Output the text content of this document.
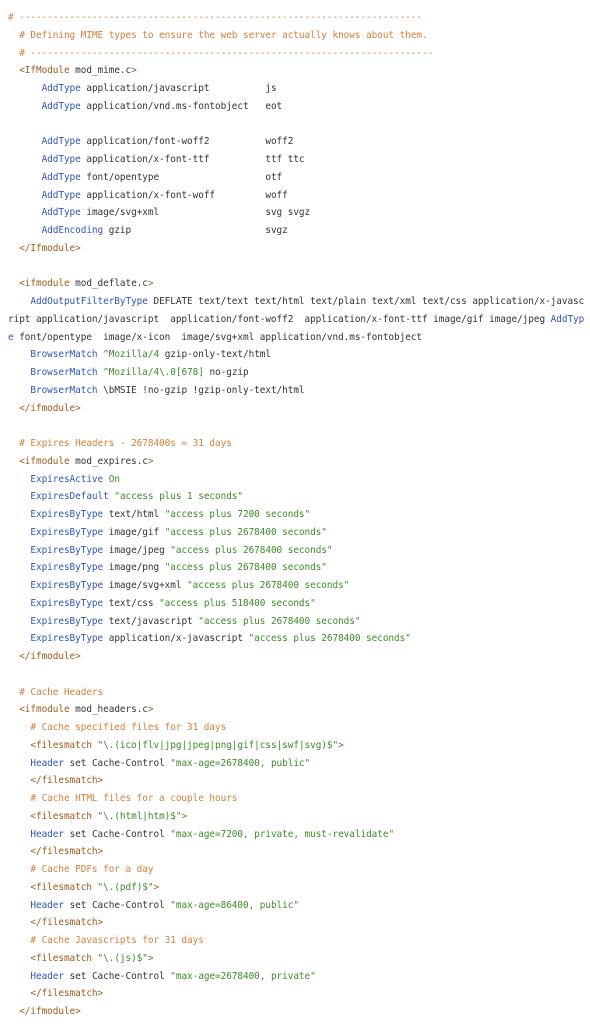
# ------------------------------------------------------------------------
# Defining MIME types to ensure the web server actually knows about them.
# ------------------------------------------------------------------------
<IfModule mod_mime.c>
AddType application/javascript          js
AddType application/vnd.ms-fontobject   eot
AddType application/font-woff2          woff2
AddType application/x-font-ttf          ttf ttc
AddType font/opentype                   otf
AddType application/x-font-woff         woff
AddType image/svg+xml                   svg svgz
AddEncoding gzip                        svgz
</Ifmodule>
<ifmodule mod_deflate.c>
AddOutputFilterByType DEFLATE text/text text/html text/plain text/xml text/css application/x-javascript application/javascript  application/font-woff2  application/x-font-ttf image/gif image/jpeg AddType font/opentype  image/x-icon  image/svg+xml application/vnd.ms-fontobject
BrowserMatch ^Mozilla/4 gzip-only-text/html
BrowserMatch ^Mozilla/4\.0[678] no-gzip
BrowserMatch \bMSIE !no-gzip !gzip-only-text/html
</ifmodule>
# Expires Headers - 2678400s = 31 days
<ifmodule mod_expires.c>
ExpiresActive On
ExpiresDefault "access plus 1 seconds"
ExpiresByType text/html "access plus 7200 seconds"
ExpiresByType image/gif "access plus 2678400 seconds"
ExpiresByType image/jpeg "access plus 2678400 seconds"
ExpiresByType image/png "access plus 2678400 seconds"
ExpiresByType image/svg+xml "access plus 2678400 seconds"
ExpiresByType text/css "access plus 518400 seconds"
ExpiresByType text/javascript "access plus 2678400 seconds"
ExpiresByType application/x-javascript "access plus 2678400 seconds"
</ifmodule>
# Cache Headers
<ifmodule mod_headers.c>
# Cache specified files for 31 days
<filesmatch "\.(ico|flv|jpg|jpeg|png|gif|css|swf|svg)$">
Header set Cache-Control "max-age=2678400, public"
</filesmatch>
# Cache HTML files for a couple hours
<filesmatch "\.(html|htm)$">
Header set Cache-Control "max-age=7200, private, must-revalidate"
</filesmatch>
# Cache PDFs for a day
<filesmatch "\.(pdf)$">
Header set Cache-Control "max-age=86400, public"
</filesmatch>
# Cache Javascripts for 31 days
<filesmatch "\.(js)$">
Header set Cache-Control "max-age=2678400, private"
</filesmatch>
</ifmodule>
